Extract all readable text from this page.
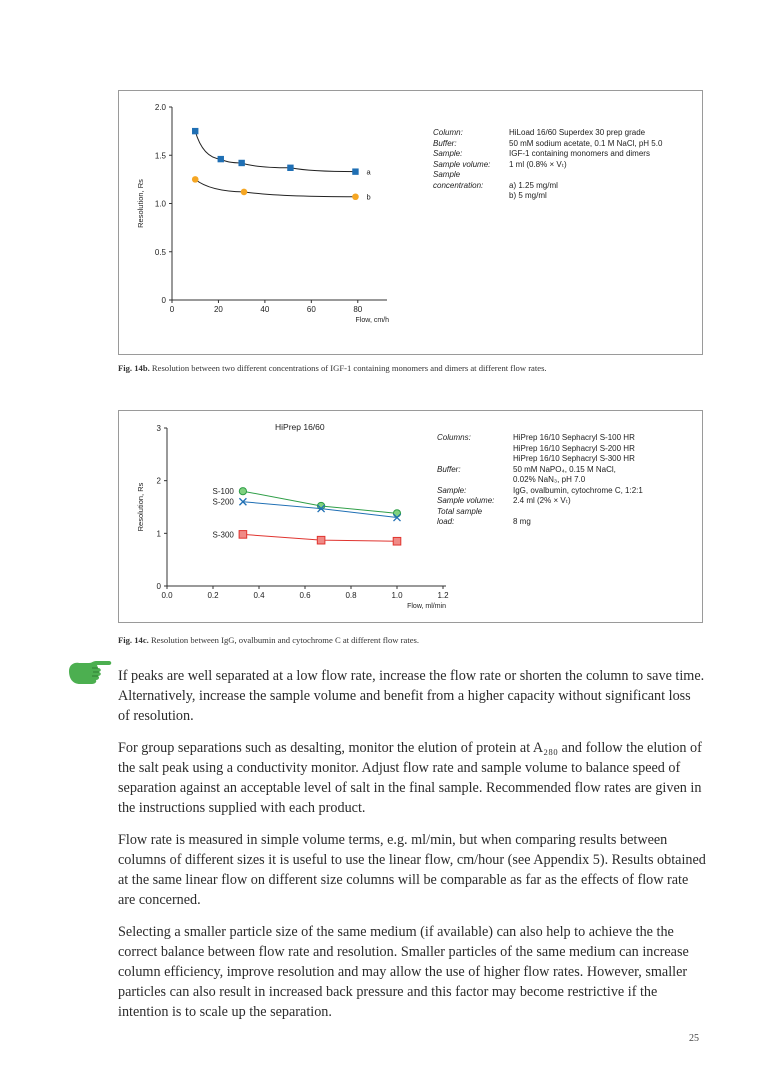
0
0.5
1.0
1.5
2.0
0	20	40	60	80
Flow, cm/h
Resolution, Rs
a
b
Column:	HiLoad 16/60 Superdex 30 prep grade
Buffer:	50 mM sodium acetate, 0.1 M NaCl, pH 5.0
Sample:	IGF-1 containing monomers and dimers
Sample volume:	1 ml (0.8% × Vₜ)
Sample
concentration:	
a) 1.25 mg/ml
b) 5 mg/ml
Fig. 14b. Resolution between two different concentrations of IGF-1 containing monomers and dimers at different flow rates.
0
1
2
3
0.0	0.2	0.4	0.6	0.8	1.0	1.2
Flow, ml/min
Resolution, Rs
HiPrep 16/60
S-100
S-200
S-300
Columns:	HiPrep 16/10 Sephacryl S-100 HR
HiPrep 16/10 Sephacryl S-200 HR
HiPrep 16/10 Sephacryl S-300 HR
Buffer:	50 mM NaPO₄, 0.15 M NaCl,
0.02% NaN₃, pH 7.0
Sample:	IgG, ovalbumin, cytochrome C, 1:2:1
Sample volume:	2.4 ml (2% × Vₜ)
Total sample
load:	
8 mg
Fig. 14c. Resolution between IgG, ovalbumin and cytochrome C at different flow rates.

If peaks are well separated at a low flow rate, increase the flow rate or shorten the column to save time. Alternatively, increase the sample volume and benefit from a higher capacity without significant loss of resolution.

For group separations such as desalting, monitor the elution of protein at A₂₈₀ and follow the elution of the salt peak using a conductivity monitor. Adjust flow rate and sample volume to balance speed of separation against an acceptable level of salt in the final sample. Recommended flow rates are given in the instructions supplied with each product.

Flow rate is measured in simple volume terms, e.g. ml/min, but when comparing results between columns of different sizes it is useful to use the linear flow, cm/hour (see Appendix 5). Results obtained at the same linear flow on different size columns will be comparable as far as the effects of flow rate are concerned.

Selecting a smaller particle size of the same medium (if available) can also help to achieve the the correct balance between flow rate and resolution. Smaller particles of the same medium can increase column efficiency, improve resolution and may allow the use of higher flow rates. However, smaller particles can also result in increased back pressure and this factor may become restrictive if the intention is to scale up the separation.

25
